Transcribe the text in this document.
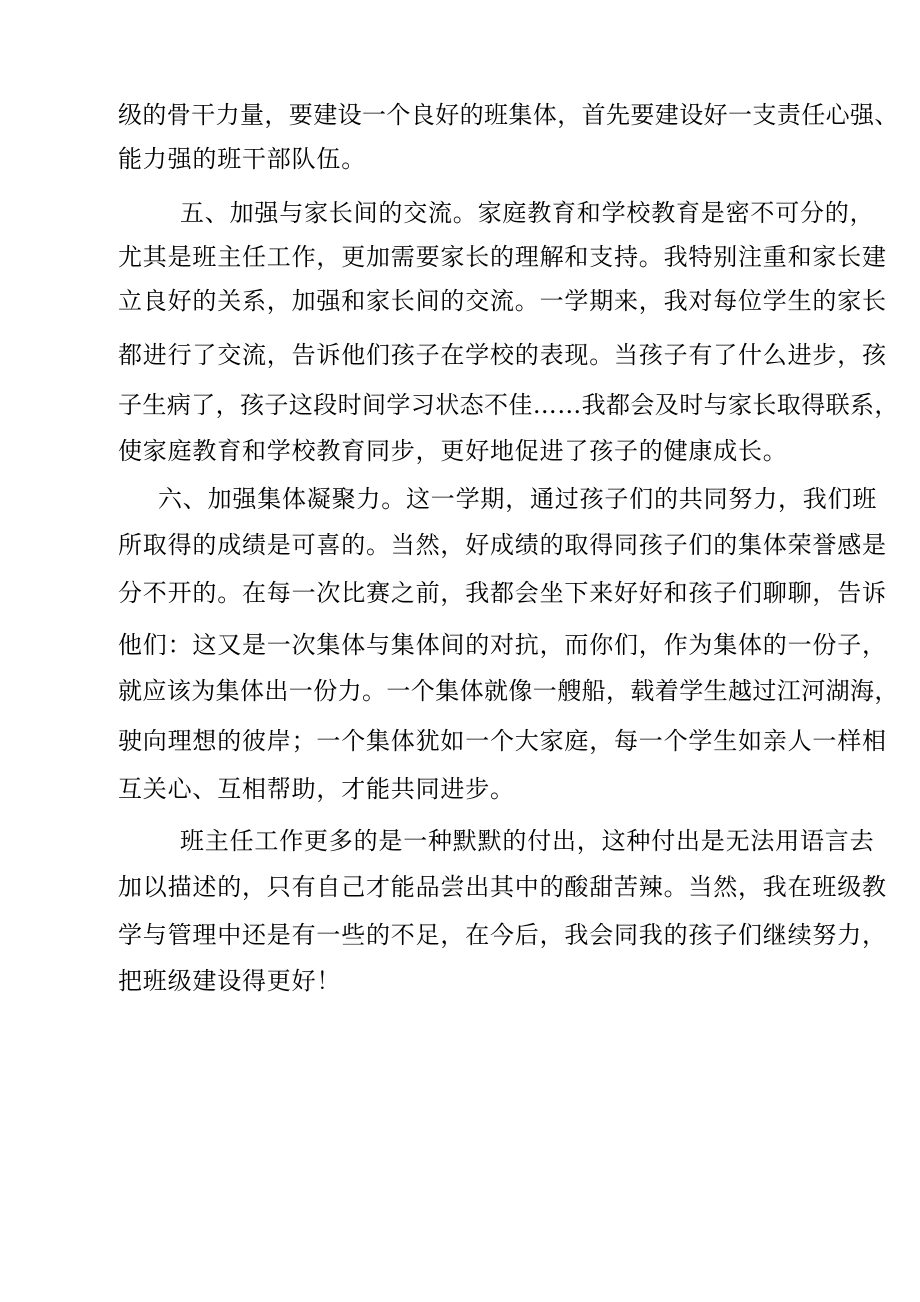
级的骨干力量，要建设一个良好的班集体，首先要建设好一支责任心强、
能力强的班干部队伍。
五、加强与家长间的交流。家庭教育和学校教育是密不可分的，
尤其是班主任工作，更加需要家长的理解和支持。我特别注重和家长建
立良好的关系，加强和家长间的交流。一学期来，我对每位学生的家长
都进行了交流，告诉他们孩子在学校的表现。当孩子有了什么进步，孩
子生病了，孩子这段时间学习状态不佳……我都会及时与家长取得联系，
使家庭教育和学校教育同步，更好地促进了孩子的健康成长。
六、加强集体凝聚力。这一学期，通过孩子们的共同努力，我们班
所取得的成绩是可喜的。当然，好成绩的取得同孩子们的集体荣誉感是
分不开的。在每一次比赛之前，我都会坐下来好好和孩子们聊聊，告诉
他们：这又是一次集体与集体间的对抗，而你们，作为集体的一份子，
就应该为集体出一份力。一个集体就像一艘船，载着学生越过江河湖海，
驶向理想的彼岸；一个集体犹如一个大家庭，每一个学生如亲人一样相
互关心、互相帮助，才能共同进步。
班主任工作更多的是一种默默的付出，这种付出是无法用语言去
加以描述的，只有自己才能品尝出其中的酸甜苦辣。当然，我在班级教
学与管理中还是有一些的不足，在今后，我会同我的孩子们继续努力，
把班级建设得更好！
